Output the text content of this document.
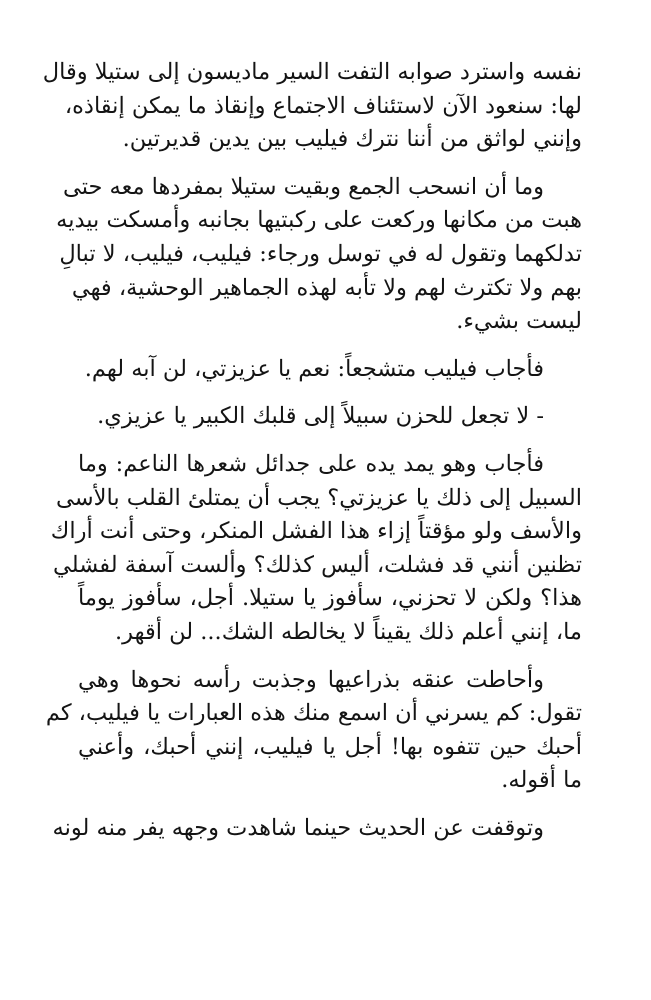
نفسه واسترد صوابه التفت السير ماديسون إلى ستيلا وقال
لها: سنعود الآن لاستئناف الاجتماع وإنقاذ ما يمكن إنقاذه،
وإنني لواثق من أننا نترك فيليب بين يدين قديرتين.
وما أن انسحب الجمع وبقيت ستيلا بمفردها معه حتى
هبت من مكانها وركعت على ركبتيها بجانبه وأمسكت بيديه
تدلكهما وتقول له في توسل ورجاء: فيليب، فيليب، لا تبالِ
بهم ولا تكترث لهم ولا تأبه لهذه الجماهير الوحشية، فهي
ليست بشيء.
فأجاب فيليب متشجعاً: نعم يا عزيزتي، لن آبه لهم.
- لا تجعل للحزن سبيلاً إلى قلبك الكبير يا عزيزي.
فأجاب وهو يمد يده على جدائل شعرها الناعم: وما
السبيل إلى ذلك يا عزيزتي؟ يجب أن يمتلئ القلب بالأسى
والأسف ولو مؤقتاً إزاء هذا الفشل المنكر، وحتى أنت أراك
تظنين أنني قد فشلت، أليس كذلك؟ وألست آسفة لفشلي
هذا؟ ولكن لا تحزني، سأفوز يا ستيلا. أجل، سأفوز يوماً
ما، إنني أعلم ذلك يقيناً لا يخالطه الشك... لن أقهر.
وأحاطت عنقه بذراعيها وجذبت رأسه نحوها وهي
تقول: كم يسرني أن اسمع منك هذه العبارات يا فيليب، كم
أحبك حين تتفوه بها! أجل يا فيليب، إنني أحبك، وأعني
ما أقوله.
وتوقفت عن الحديث حينما شاهدت وجهه يفر منه لونه
